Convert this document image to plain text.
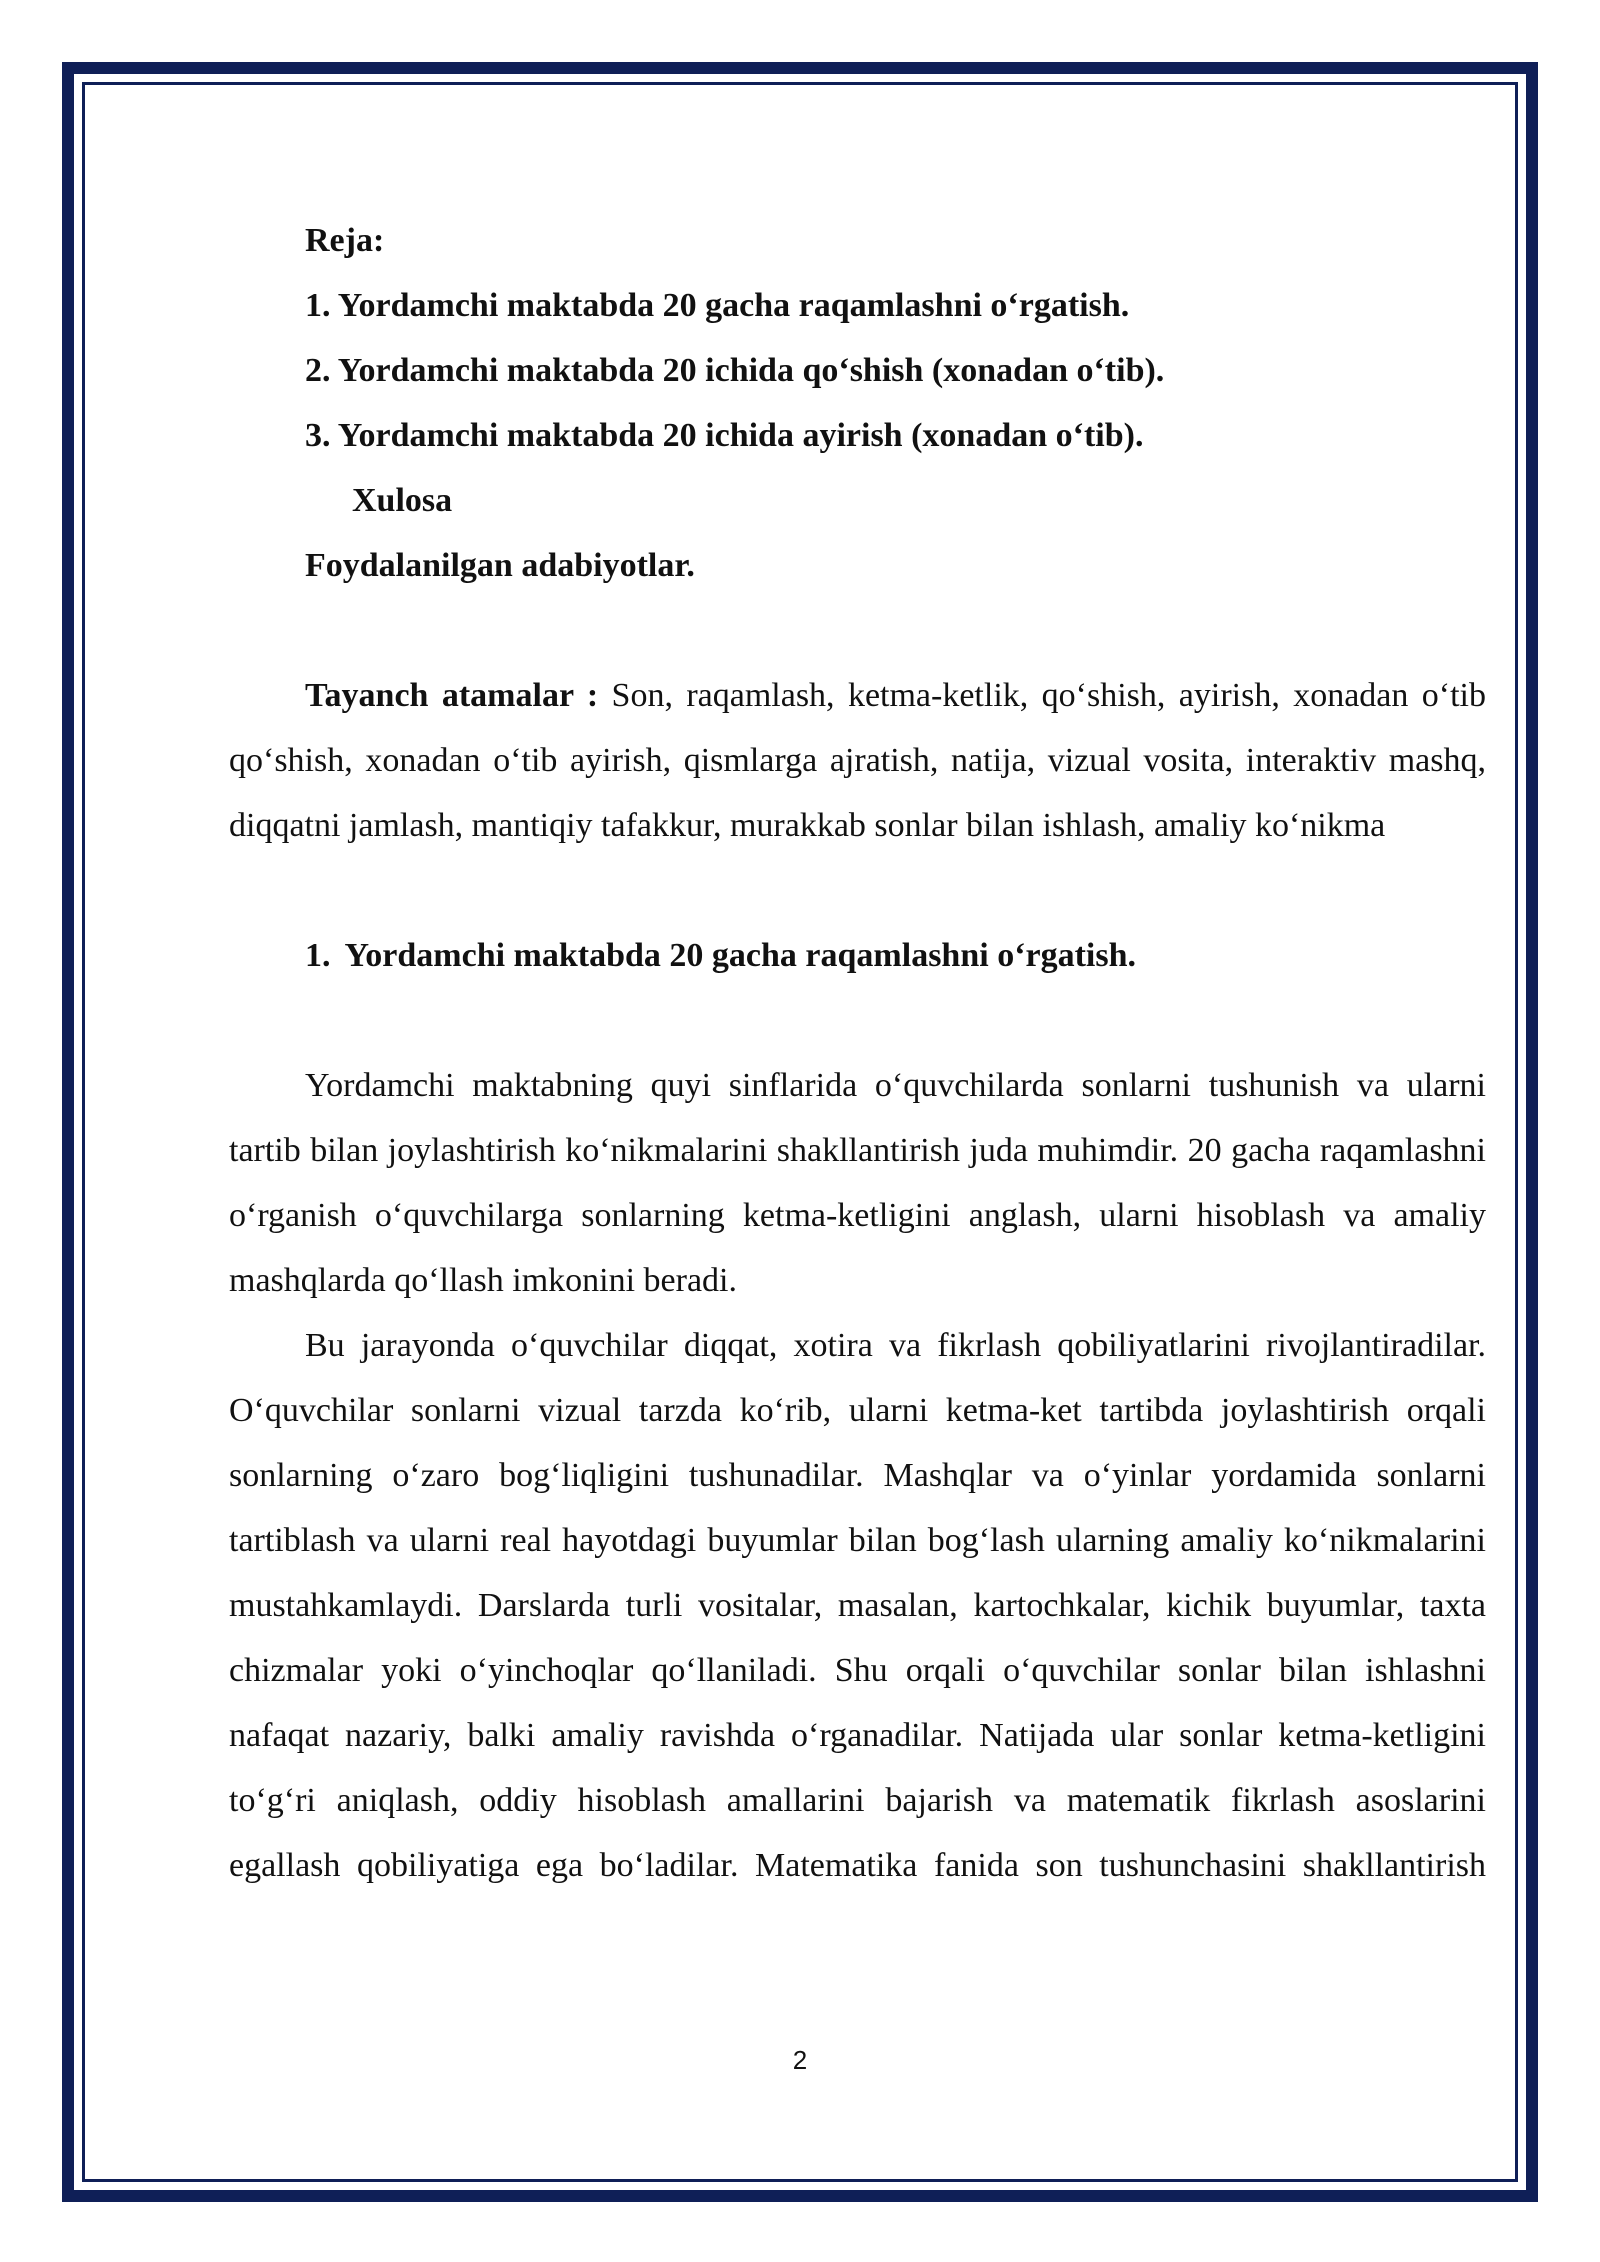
Reja:
1. Yordamchi maktabda 20 gacha raqamlashni o‘rgatish.
2. Yordamchi maktabda 20 ichida qo‘shish (xonadan o‘tib).
3. Yordamchi maktabda 20 ichida ayirish (xonadan o‘tib).
Xulosa
Foydalanilgan adabiyotlar.

Tayanch atamalar : Son, raqamlash, ketma-ketlik, qo‘shish, ayirish, xonadan o‘tib qo‘shish, xonadan o‘tib ayirish, qismlarga ajratish, natija, vizual vosita, interaktiv mashq, diqqatni jamlash, mantiqiy tafakkur, murakkab sonlar bilan ishlash, amaliy ko‘nikma

1. Yordamchi maktabda 20 gacha raqamlashni o‘rgatish.

Yordamchi maktabning quyi sinflarida o‘quvchilarda sonlarni tushunish va ularni tartib bilan joylashtirish ko‘nikmalarini shakllantirish juda muhimdir. 20 gacha raqamlashni o‘rganish o‘quvchilarga sonlarning ketma-ketligini anglash, ularni hisoblash va amaliy mashqlarda qo‘llash imkonini beradi.

Bu jarayonda o‘quvchilar diqqat, xotira va fikrlash qobiliyatlarini rivojlantiradilar. O‘quvchilar sonlarni vizual tarzda ko‘rib, ularni ketma-ket tartibda joylashtirish orqali sonlarning o‘zaro bog‘liqligini tushunadilar. Mashqlar va o‘yinlar yordamida sonlarni tartiblash va ularni real hayotdagi buyumlar bilan bog‘lash ularning amaliy ko‘nikmalarini mustahkamlaydi. Darslarda turli vositalar, masalan, kartochkalar, kichik buyumlar, taxta chizmalar yoki o‘yinchoqlar qo‘llaniladi. Shu orqali o‘quvchilar sonlar bilan ishlashni nafaqat nazariy, balki amaliy ravishda o‘rganadilar. Natijada ular sonlar ketma-ketligini to‘g‘ri aniqlash, oddiy hisoblash amallarini bajarish va matematik fikrlash asoslarini egallash qobiliyatiga ega bo‘ladilar. Matematika fanida son tushunchasini shakllantirish

2
